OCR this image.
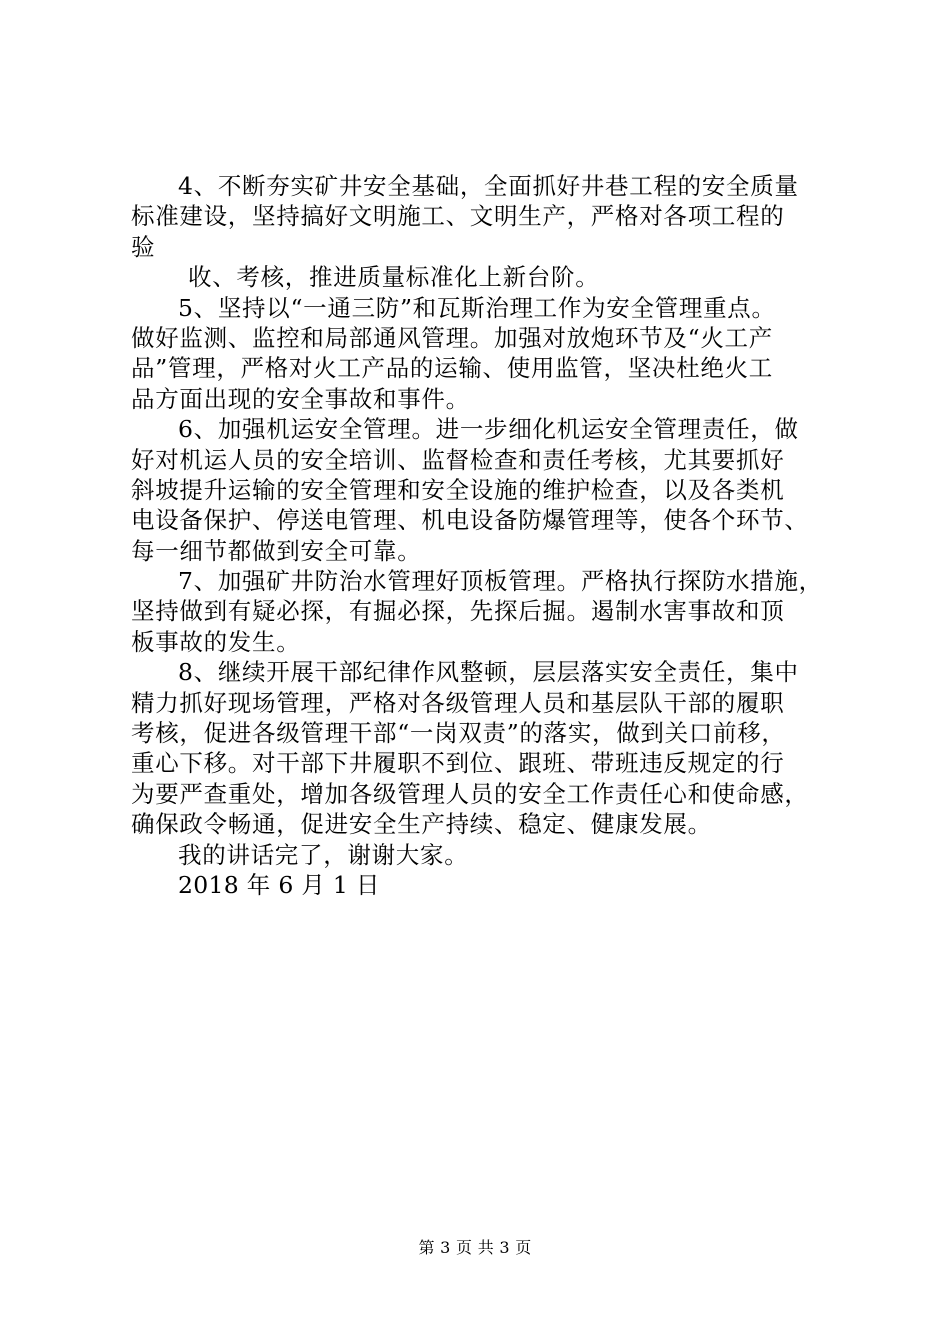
4、不断夯实矿井安全基础，全面抓好井巷工程的安全质量
标准建设，坚持搞好文明施工、文明生产，严格对各项工程的
验
收、考核，推进质量标准化上新台阶。
5、坚持以“一通三防”和瓦斯治理工作为安全管理重点。
做好监测、监控和局部通风管理。加强对放炮环节及“火工产
品”管理，严格对火工产品的运输、使用监管，坚决杜绝火工
品方面出现的安全事故和事件。
6、加强机运安全管理。进一步细化机运安全管理责任，做
好对机运人员的安全培训、监督检查和责任考核，尤其要抓好
斜坡提升运输的安全管理和安全设施的维护检查，以及各类机
电设备保护、停送电管理、机电设备防爆管理等，使各个环节、
每一细节都做到安全可靠。
7、加强矿井防治水管理好顶板管理。严格执行探防水措施，
坚持做到有疑必探，有掘必探，先探后掘。遏制水害事故和顶
板事故的发生。
8、继续开展干部纪律作风整顿，层层落实安全责任，集中
精力抓好现场管理，严格对各级管理人员和基层队干部的履职
考核，促进各级管理干部“一岗双责”的落实，做到关口前移，
重心下移。对干部下井履职不到位、跟班、带班违反规定的行
为要严查重处，增加各级管理人员的安全工作责任心和使命感，
确保政令畅通，促进安全生产持续、稳定、健康发展。
我的讲话完了，谢谢大家。
2018 年 6 月 1 日
第 3 页 共 3 页
